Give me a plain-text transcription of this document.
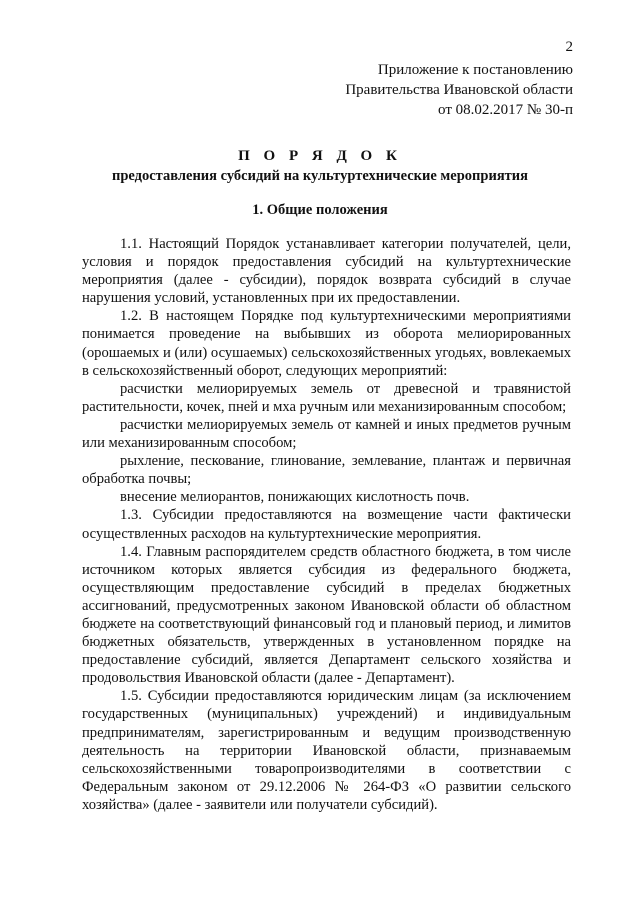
2
Приложение к постановлению
Правительства Ивановской области
от 08.02.2017 № 30-п
П О Р Я Д О К
предоставления субсидий на культуртехнические мероприятия
1. Общие положения

1.1. Настоящий Порядок устанавливает категории получателей, цели, условия и порядок предоставления субсидий на культуртехнические мероприятия (далее - субсидии), порядок возврата субсидий в случае нарушения условий, установленных при их предоставлении.

1.2. В настоящем Порядке под культуртехническими мероприятиями понимается проведение на выбывших из оборота мелиорированных (орошаемых и (или) осушаемых) сельскохозяйственных угодьях, вовлекаемых в сельскохозяйственный оборот, следующих мероприятий:

расчистки мелиорируемых земель от древесной и травянистой растительности, кочек, пней и мха ручным или механизированным способом;

расчистки мелиорируемых земель от камней и иных предметов ручным или механизированным способом;

рыхление, пескование, глинование, землевание, плантаж и первичная обработка почвы;

внесение мелиорантов, понижающих кислотность почв.

1.3. Субсидии предоставляются на возмещение части фактически осуществленных расходов на культуртехнические мероприятия.

1.4. Главным распорядителем средств областного бюджета, в том числе источником которых является субсидия из федерального бюджета, осуществляющим предоставление субсидий в пределах бюджетных ассигнований, предусмотренных законом Ивановской области об областном бюджете на соответствующий финансовый год и плановый период, и лимитов бюджетных обязательств, утвержденных в установленном порядке на предоставление субсидий, является Департамент сельского хозяйства и продовольствия Ивановской области (далее - Департамент).

1.5. Субсидии предоставляются юридическим лицам (за исключением государственных (муниципальных) учреждений) и индивидуальным предпринимателям, зарегистрированным и ведущим производственную деятельность на территории Ивановской области, признаваемым сельскохозяйственными товаропроизводителями в соответствии с Федеральным законом от 29.12.2006 № 264-ФЗ «О развитии сельского хозяйства» (далее - заявители или получатели субсидий).
